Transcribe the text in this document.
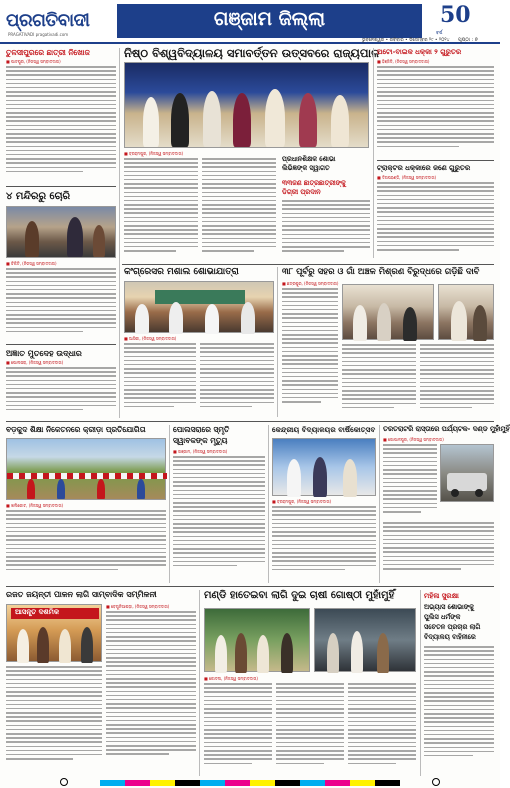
ପ୍ରଗତିବାଦୀ
PRAGATIVADI pragativadi.com
ଗଞ୍ଜାମ ଜିଲ୍ଲା
ଭୁବନେଶ୍ୱର • ରବିବାର • ଡିସେମ୍ବର ୨୯ • ୨୦୨୪
50
ବର୍ଷ
ପୃଷ୍ଠା : ୭
ତୁଳସୀପୁରରେ ଛାତ୍ରୀ ନିଖୋଜ
■ ପାଟପୁର, (ନିଜସ୍ୱ ସମ୍ବାଦଦାତା)
୪ ମନ୍ଦିରରୁ ଚୋରି
■ ଚିକିଟି, (ନିଜସ୍ୱ ସମ୍ବାଦଦାତା)
ଅଜ୍ଞାତ ମୁତଦେହ ଉଦ୍ଧାର
■ ପୋଲସରା, (ନିଜସ୍ୱ ସମ୍ବାଦଦାତା)
ନିଷ୍ଠ ବିଶ୍ୱବିଦ୍ୟାଳୟ ସମାବର୍ତ୍ତନ ଉତ୍ସବରେ ରାଜ୍ୟପାଳ
■ ବ୍ରହ୍ମପୁର, (ନିଜସ୍ୱ ସମ୍ବାଦଦାତା)
ପ୍ରଧାନଶିକ୍ଷକ ଶୋଭା
ଲିଭିଜ୍ଞଙ୍କ ସ୍ୱାଗତ
୩୩ଜଣ ଛାତ୍ରଛାତ୍ରୀଙ୍କୁ
ଡିଗ୍ରୀ ପ୍ରଦାନ
ଅଟୋ-ବାଇକ ଧକ୍କା ୨ ଗୁରୁତର
■ ହିଞ୍ଜିଳି, (ନିଜସ୍ୱ ସମ୍ବାଦଦାତା)
ଟ୍ରାକ୍ଟର ଧକ୍କାରେ ଜଣେ ଗୁରୁତର
■ ଦିଗପହଣ୍ଡି, (ନିଜସ୍ୱ ସମ୍ବାଦଦାତା)
କଂଗ୍ରେସର ମଶାଲ ଶୋଭାଯାତ୍ରା
■ ଆସିକା, (ନିଜସ୍ୱ ସମ୍ବାଦଦାତା)
୩୮ ପୂର୍ବରୁ ସହର ଓ ଗାଁ ଅଞ୍ଚଳ ମିଶ୍ରଣ ବିରୁଦ୍ଧରେ ଗଡ଼ିଛି ଦାବି
■ ଛତ୍ରପୁର, (ନିଜସ୍ୱ ସମ୍ବାଦଦାତା)
ବଡ଼କୁଦ ଶିକ୍ଷା ନିକେତନରେ କ୍ରୀଡ଼ା ପ୍ରତିଯୋଗିତା
■ ଖଲିକୋଟ, (ନିଜସ୍ୱ ସମ୍ବାଦଦାତା)
ପୋଲସରାରେ ସ୍ମୃତି
ସ୍ୱାବକଙ୍କ ମୃତ୍ୟୁ
■ ଗଞ୍ଜାମ, (ନିଜସ୍ୱ ସମ୍ବାଦଦାତା)
କେନ୍ଦ୍ରୀୟ ବିଦ୍ୟାଳୟର ବାର୍ଷିକୋତ୍ସବ
■ ବ୍ରହ୍ମପୁର, (ନିଜସ୍ୱ ସମ୍ବାଦଦାତା)
ତରତରାଟରି ରାସ୍ତାରେ ପର୍ଯ୍ୟଟକ- ଦଣ୍ଡ ମୁହାଁମୁହିଁ
■ ଗୋପାଳପୁର, (ନିଜସ୍ୱ ସମ୍ବାଦଦାତା)
ରଜତ ଜୟନ୍ତୀ ପାଳନ ଲାଗି ସାମ୍ବାଦିକ ସମ୍ମିଳନୀ
ଆସନ୍ତ୍ତ ଦଶମିକ
■ ବେଗୁନିଆପଡ଼ା, (ନିଜସ୍ୱ ସମ୍ବାଦଦାତା)
ମଣ୍ଡି ହାତେଇବା ଲାଗି ଦୁଇ ଚାଷୀ ଗୋଷ୍ଠୀ ମୁହାଁମୁହିଁ
■ କୋଦଳା, (ନିଜସ୍ୱ ସମ୍ବାଦଦାତା)
ମହିଳା ସୁରକ୍ଷା
ଅଭ୍ୟାସ ଶୋଭାଙ୍କୁ
ପୁଲିସ ଧର୍ମଙ୍କ
ସଚେତନ ପ୍ରଚାର ଲାଗି
ବିଦ୍ୟାଳୟ ବାହିନୀରେ
